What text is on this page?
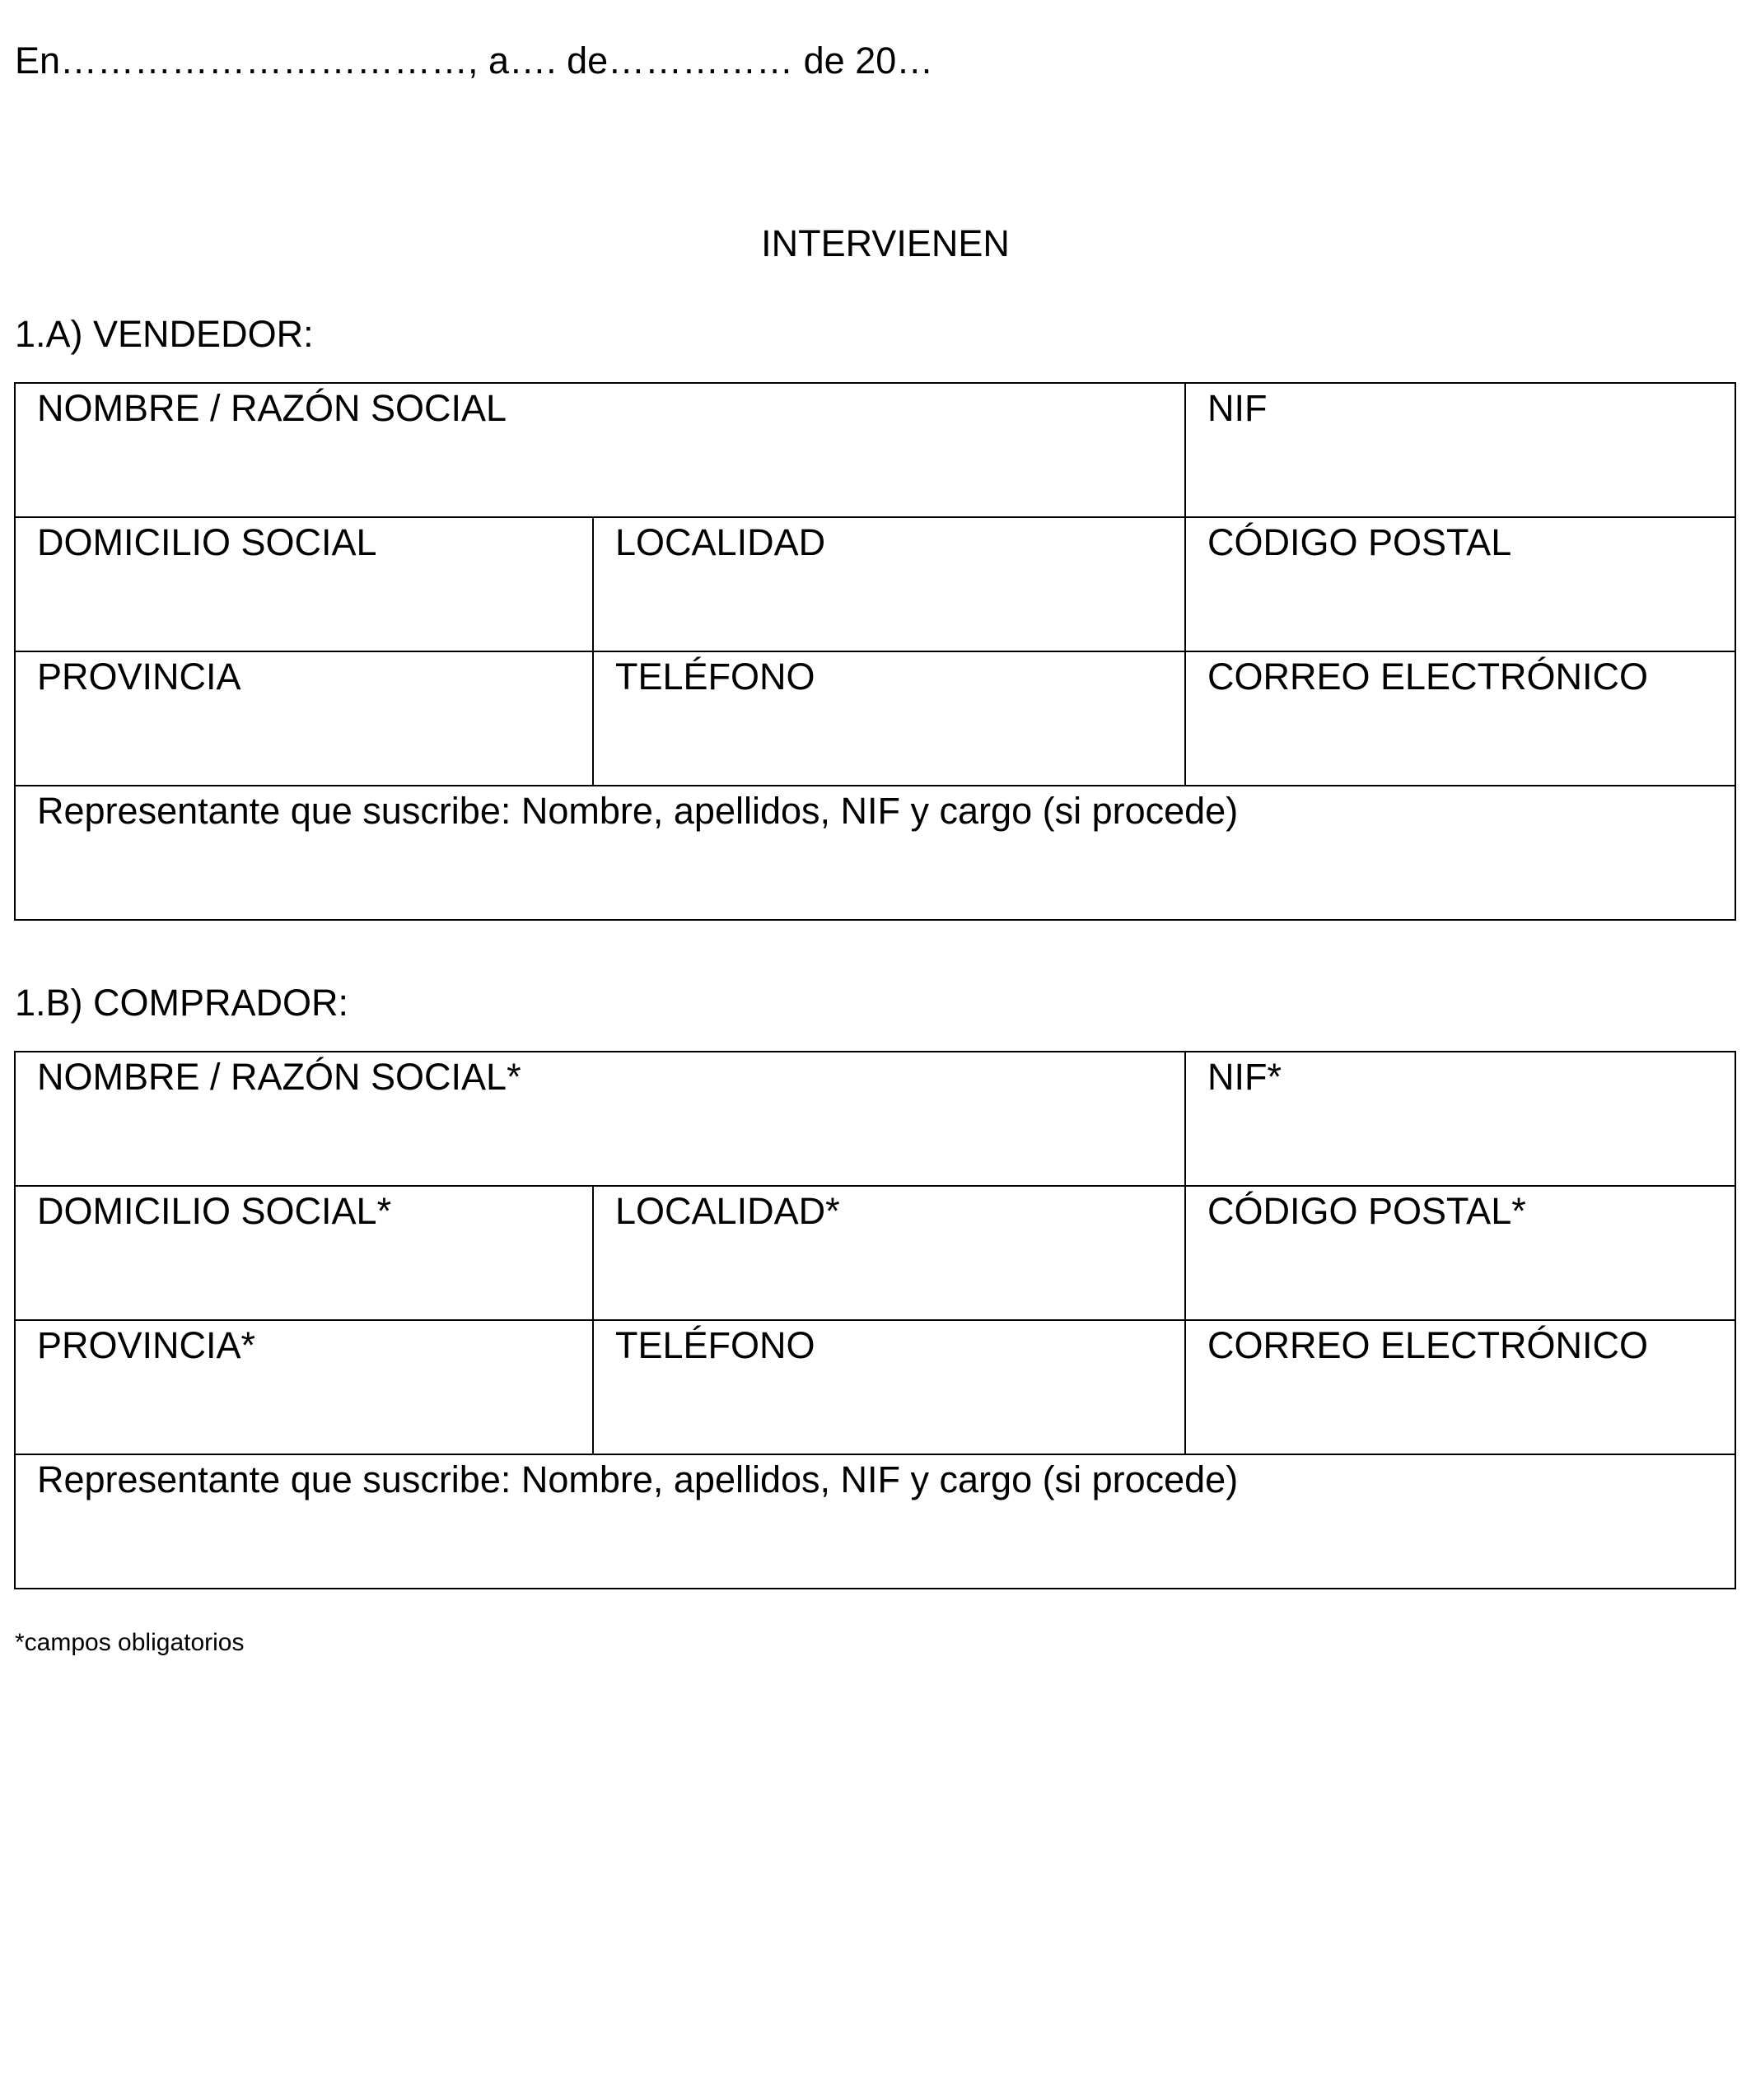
En……………………………, a…. de…………… de 20…
INTERVIENEN
1.A) VENDEDOR:
NOMBRE / RAZÓN SOCIAL		NIF

DOMICILIO SOCIAL	LOCALIDAD	CÓDIGO POSTAL

PROVINCIA	TELÉFONO	CORREO ELECTRÓNICO

Representante que suscribe: Nombre, apellidos, NIF y cargo (si procede)		
1.B) COMPRADOR:
NOMBRE / RAZÓN SOCIAL*		NIF*

DOMICILIO SOCIAL*	LOCALIDAD*	CÓDIGO POSTAL*

PROVINCIA*	TELÉFONO	CORREO ELECTRÓNICO

Representante que suscribe: Nombre, apellidos, NIF y cargo (si procede)		
*campos obligatorios
